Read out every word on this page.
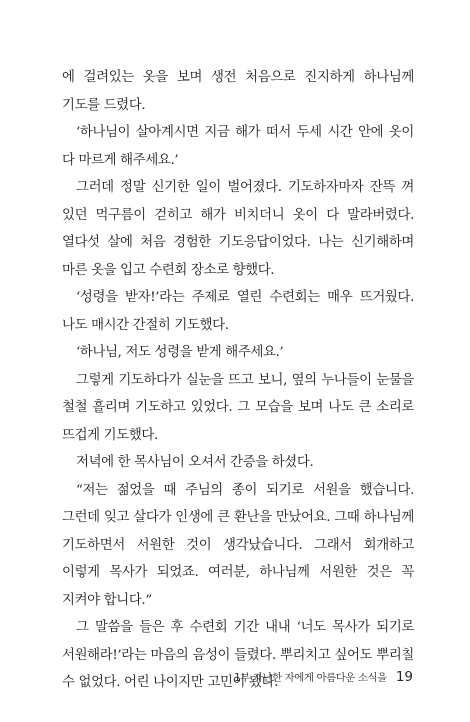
에 걸려있는 옷을 보며 생전 처음으로 진지하게 하나님께 기도를 드렸다.

‘하나님이 살아계시면 지금 해가 떠서 두세 시간 안에 옷이 다 마르게 해주세요.’

그러데 정말 신기한 일이 벌어졌다. 기도하자마자 잔뜩 껴 있던 먹구름이 걷히고 해가 비치더니 옷이 다 말라버렸다. 열다섯 살에 처음 경험한 기도응답이었다. 나는 신기해하며 마른 옷을 입고 수련회 장소로 향했다.

‘성령을 받자!’라는 주제로 열린 수련회는 매우 뜨거웠다. 나도 매시간 간절히 기도했다.

‘하나님, 저도 성령을 받게 해주세요.’

그렇게 기도하다가 실눈을 뜨고 보니, 옆의 누나들이 눈물을 철철 흘리며 기도하고 있었다. 그 모습을 보며 나도 큰 소리로 뜨겁게 기도했다.

저녁에 한 목사님이 오셔서 간증을 하셨다.

“저는 젊었을 때 주님의 종이 되기로 서원을 했습니다. 그런데 잊고 살다가 인생에 큰 환난을 만났어요. 그때 하나님께 기도하면서 서원한 것이 생각났습니다. 그래서 회개하고 이렇게 목사가 되었죠. 여러분, 하나님께 서원한 것은 꼭 지켜야 합니다.”

그 말씀을 들은 후 수련회 기간 내내 ‘너도 목사가 되기로 서원해라!’라는 마음의 음성이 들렸다. 뿌리치고 싶어도 뿌리칠 수 없었다. 어린 나이지만 고민이 됐다.

1부 가난한 자에게 아름다운 소식을 19
